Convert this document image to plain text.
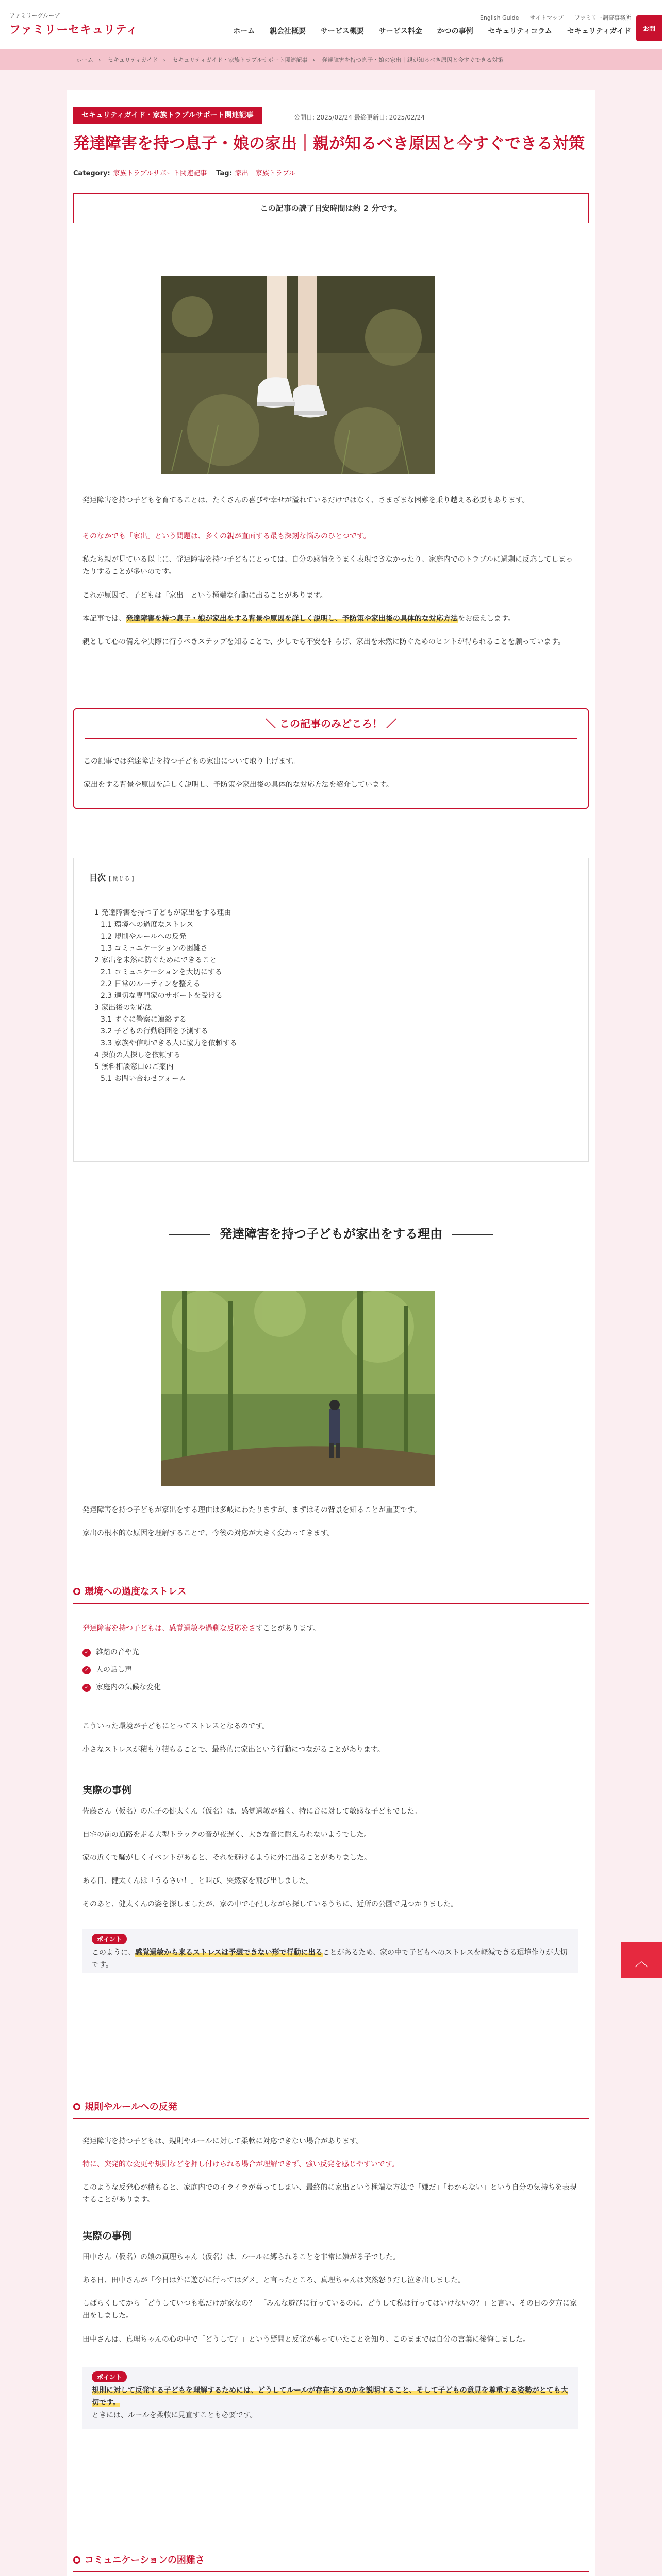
ファミリーグループ
ファミリーセキュリティ
English Guide サイトマップ ファミリー調査事務所
ホーム 親会社概要 サービス概要 サービス料金 かつの事例 セキュリティコラム セキュリティガイド	お問
ホーム › セキュリティガイド › セキュリティガイド・家族トラブルサポート関連記事 › 発達障害を持つ息子・娘の家出｜親が知るべき原因と今すぐできる対策
セキュリティガイド・家族トラブルサポート関連記事	公開日: 2025/02/24 最終更新日: 2025/02/24
発達障害を持つ息子・娘の家出｜親が知るべき原因と今すぐできる対策
Category: 家族トラブルサポート関連記事 Tag: 家出 家族トラブル
この記事の読了目安時間は約 2 分です。

発達障害を持つ子どもを育てることは、たくさんの喜びや幸せが溢れているだけではなく、さまざまな困難を乗り越える必要もあります。

そのなかでも「家出」という問題は、多くの親が直面する最も深刻な悩みのひとつです。

私たち親が見ている以上に、発達障害を持つ子どもにとっては、自分の感情をうまく表現できなかったり、家庭内でのトラブルに過剰に反応してしまったりすることが多いのです。

これが原因で、子どもは「家出」という極端な行動に出ることがあります。

本記事では、発達障害を持つ息子・娘が家出をする背景や原因を詳しく説明し、予防策や家出後の具体的な対応方法をお伝えします。

親として心の備えや実際に行うべきステップを知ることで、少しでも不安を和らげ、家出を未然に防ぐためのヒントが得られることを願っています。

＼ この記事のみどころ！ ／

この記事では発達障害を持つ子どもの家出について取り上げます。

家出をする背景や原因を詳しく説明し、予防策や家出後の具体的な対応方法を紹介しています。

目次 [ 閉じる ]
1 発達障害を持つ子どもが家出をする理由
1.1 環境への過度なストレス
1.2 規則やルールへの反発
1.3 コミュニケーションの困難さ
2 家出を未然に防ぐためにできること
2.1 コミュニケーションを大切にする
2.2 日常のルーティンを整える
2.3 適切な専門家のサポートを受ける
3 家出後の対応法
3.1 すぐに警察に連絡する
3.2 子どもの行動範囲を予測する
3.3 家族や信頼できる人に協力を依頼する
4 探偵の人探しを依頼する
5 無料相談窓口のご案内
5.1 お問い合わせフォーム
発達障害を持つ子どもが家出をする理由

発達障害を持つ子どもが家出をする理由は多岐にわたりますが、まずはその背景を知ることが重要です。

家出の根本的な原因を理解することで、今後の対応が大きく変わってきます。

環境への過度なストレス

発達障害を持つ子どもは、感覚過敏や過剰な反応をさすことがあります。

✓ 雑踏の音や光
✓ 人の話し声
✓ 家庭内の気候な変化

こういった環境が子どもにとってストレスとなるのです。

小さなストレスが積もり積もることで、最終的に家出という行動につながることがあります。

実際の事例

佐藤さん（仮名）の息子の健太くん（仮名）は、感覚過敏が強く、特に音に対して敏感な子どもでした。

自宅の前の道路を走る大型トラックの音が夜遅く、大きな音に耐えられないようでした。

家の近くで騒がしくイベントがあると、それを避けるように外に出ることがありました。

ある日、健太くんは「うるさい！」と叫び、突然家を飛び出しました。

そのあと、健太くんの姿を探しましたが、家の中で心配しながら探しているうちに、近所の公園で見つかりました。

ポイント

このように、感覚過敏から来るストレスは予想できない形で行動に出ることがあるため、家の中で子どもへのストレスを軽減できる環境作りが大切です。

規則やルールへの反発

発達障害を持つ子どもは、規則やルールに対して柔軟に対応できない場合があります。

特に、突発的な変更や規則などを押し付けられる場合が理解できず、強い反発を感じやすいです。

このような反発心が積もると、家庭内でのイライラが募ってしまい、最終的に家出という極端な方法で「嫌だ」「わからない」という自分の気持ちを表現することがあります。

実際の事例

田中さん（仮名）の娘の真理ちゃん（仮名）は、ルールに縛られることを非常に嫌がる子でした。

ある日、田中さんが「今日は外に遊びに行ってはダメ」と言ったところ、真理ちゃんは突然怒りだし泣き出しました。

しばらくしてから「どうしていつも私だけが家なの？」「みんな遊びに行っているのに、どうして私は行ってはいけないの？」と言い、その日の夕方に家出をしました。

田中さんは、真理ちゃんの心の中で「どうして？」という疑問と反発が募っていたことを知り、このままでは自分の言葉に後悔しました。

ポイント

規則に対して反発する子どもを理解するためには、どうしてルールが存在するのかを説明すること、そして子どもの意見を尊重する姿勢がとても大切です。
ときには、ルールを柔軟に見直すことも必要です。

コミュニケーションの困難さ

︿
